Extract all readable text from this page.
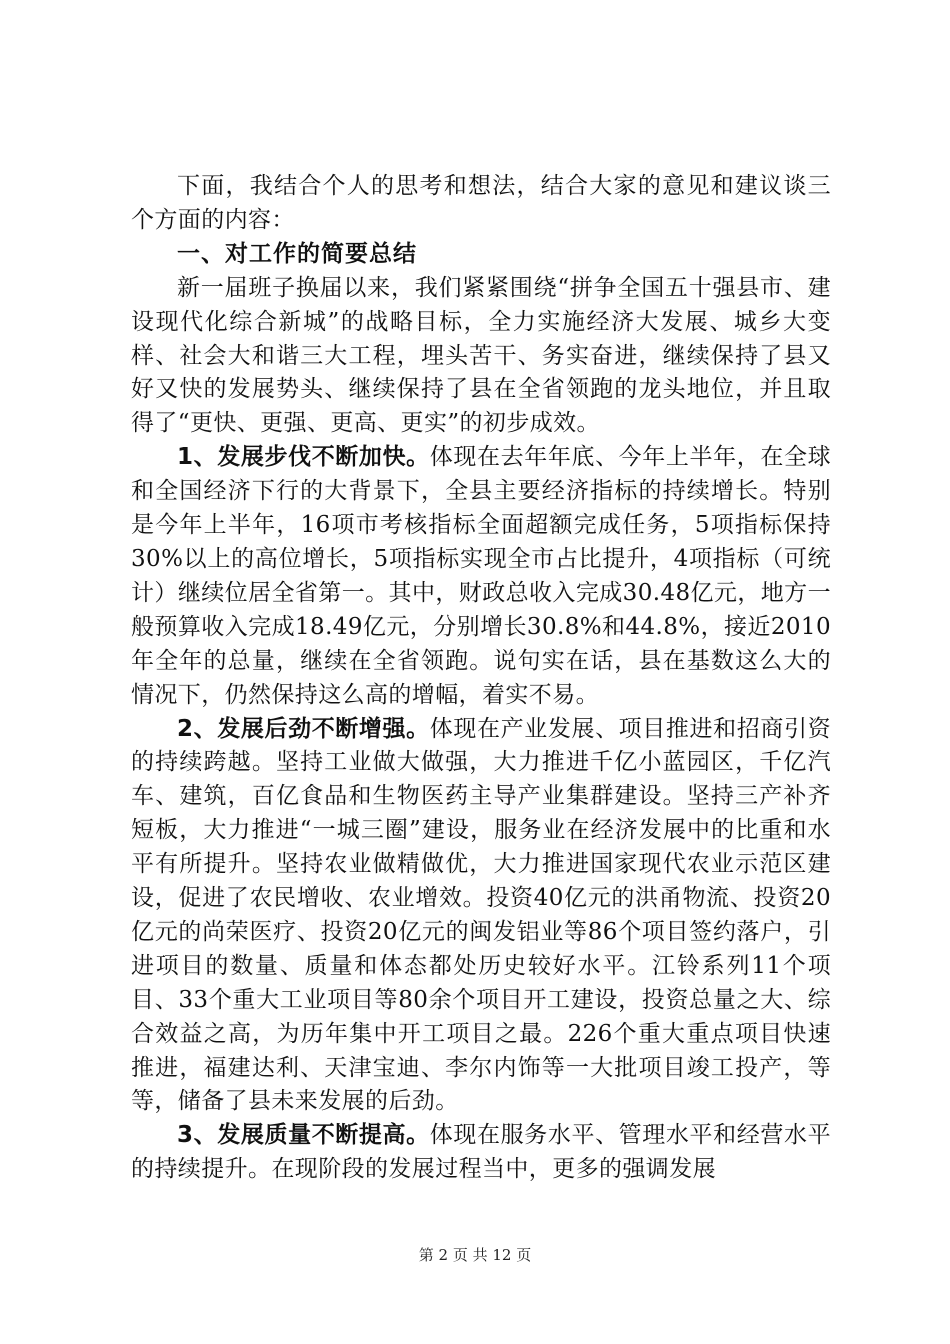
下面，我结合个人的思考和想法，结合大家的意见和建议谈三个方面的内容：

一、对工作的简要总结

新一届班子换届以来，我们紧紧围绕“拼争全国五十强县市、建设现代化综合新城”的战略目标，全力实施经济大发展、城乡大变样、社会大和谐三大工程，埋头苦干、务实奋进，继续保持了县又好又快的发展势头、继续保持了县在全省领跑的龙头地位，并且取得了“更快、更强、更高、更实”的初步成效。

1、发展步伐不断加快。体现在去年年底、今年上半年，在全球和全国经济下行的大背景下，全县主要经济指标的持续增长。特别是今年上半年，16项市考核指标全面超额完成任务，5项指标保持30%以上的高位增长，5项指标实现全市占比提升，4项指标（可统计）继续位居全省第一。其中，财政总收入完成30.48亿元，地方一般预算收入完成18.49亿元，分别增长30.8%和44.8%，接近2010年全年的总量，继续在全省领跑。说句实在话，县在基数这么大的情况下，仍然保持这么高的增幅，着实不易。

2、发展后劲不断增强。体现在产业发展、项目推进和招商引资的持续跨越。坚持工业做大做强，大力推进千亿小蓝园区，千亿汽车、建筑，百亿食品和生物医药主导产业集群建设。坚持三产补齐短板，大力推进“一城三圈”建设，服务业在经济发展中的比重和水平有所提升。坚持农业做精做优，大力推进国家现代农业示范区建设，促进了农民增收、农业增效。投资40亿元的洪甬物流、投资20亿元的尚荣医疗、投资20亿元的闽发铝业等86个项目签约落户，引进项目的数量、质量和体态都处历史较好水平。江铃系列11个项目、33个重大工业项目等80余个项目开工建设，投资总量之大、综合效益之高，为历年集中开工项目之最。226个重大重点项目快速推进，福建达利、天津宝迪、李尔内饰等一大批项目竣工投产，等等，储备了县未来发展的后劲。

3、发展质量不断提高。体现在服务水平、管理水平和经营水平的持续提升。在现阶段的发展过程当中，更多的强调发展

第 2 页 共 12 页
